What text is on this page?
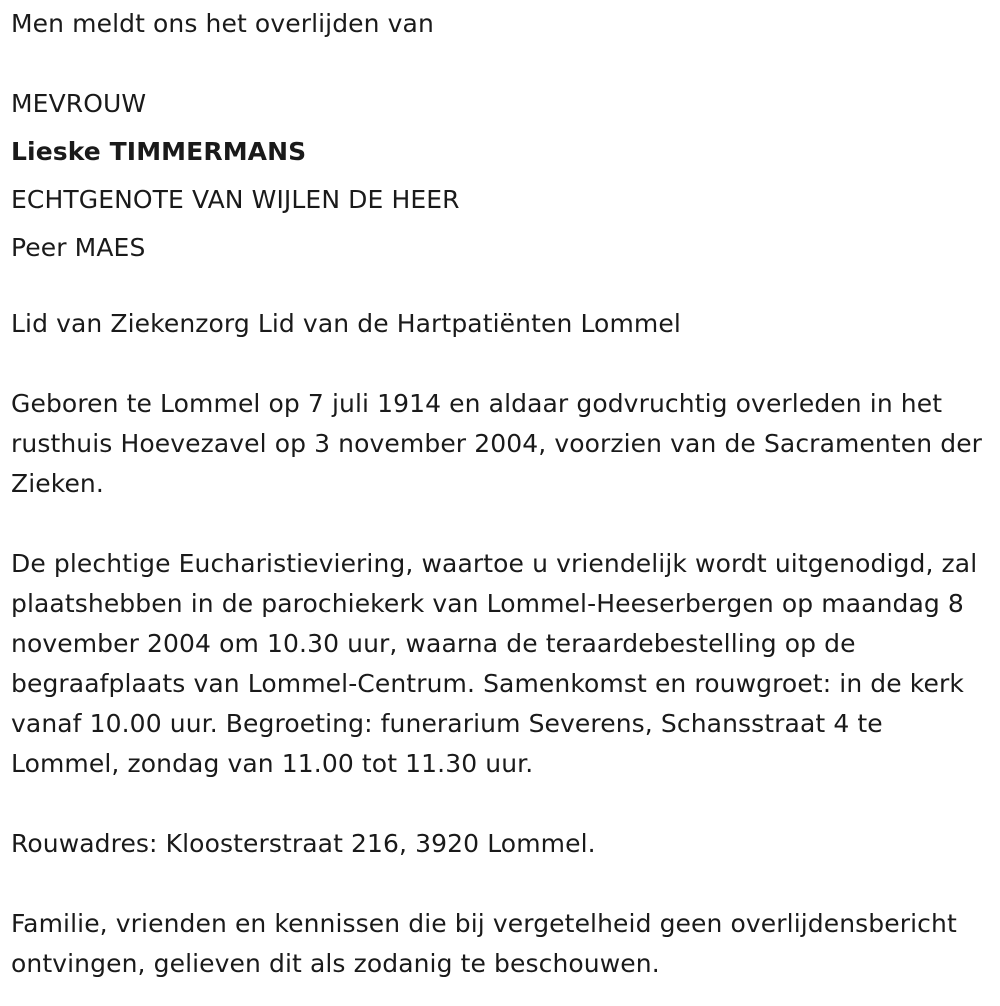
Men meldt ons het overlijden van
MEVROUW
Lieske TIMMERMANS
ECHTGENOTE VAN WIJLEN DE HEER
Peer MAES
Lid van Ziekenzorg Lid van de Hartpatiënten Lommel
Geboren te Lommel op 7 juli 1914 en aldaar godvruchtig overleden in het rusthuis Hoevezavel op 3 november 2004, voorzien van de Sacramenten der Zieken.
De plechtige Eucharistieviering, waartoe u vriendelijk wordt uitgenodigd, zal plaatshebben in de parochiekerk van Lommel-Heeserbergen op maandag 8 november 2004 om 10.30 uur, waarna de teraardebestelling op de begraafplaats van Lommel-Centrum. Samenkomst en rouwgroet: in de kerk vanaf 10.00 uur. Begroeting: funerarium Severens, Schansstraat 4 te Lommel, zondag van 11.00 tot 11.30 uur.
Rouwadres: Kloosterstraat 216, 3920 Lommel.
Familie, vrienden en kennissen die bij vergetelheid geen overlijdensbericht ontvingen, gelieven dit als zodanig te beschouwen.
